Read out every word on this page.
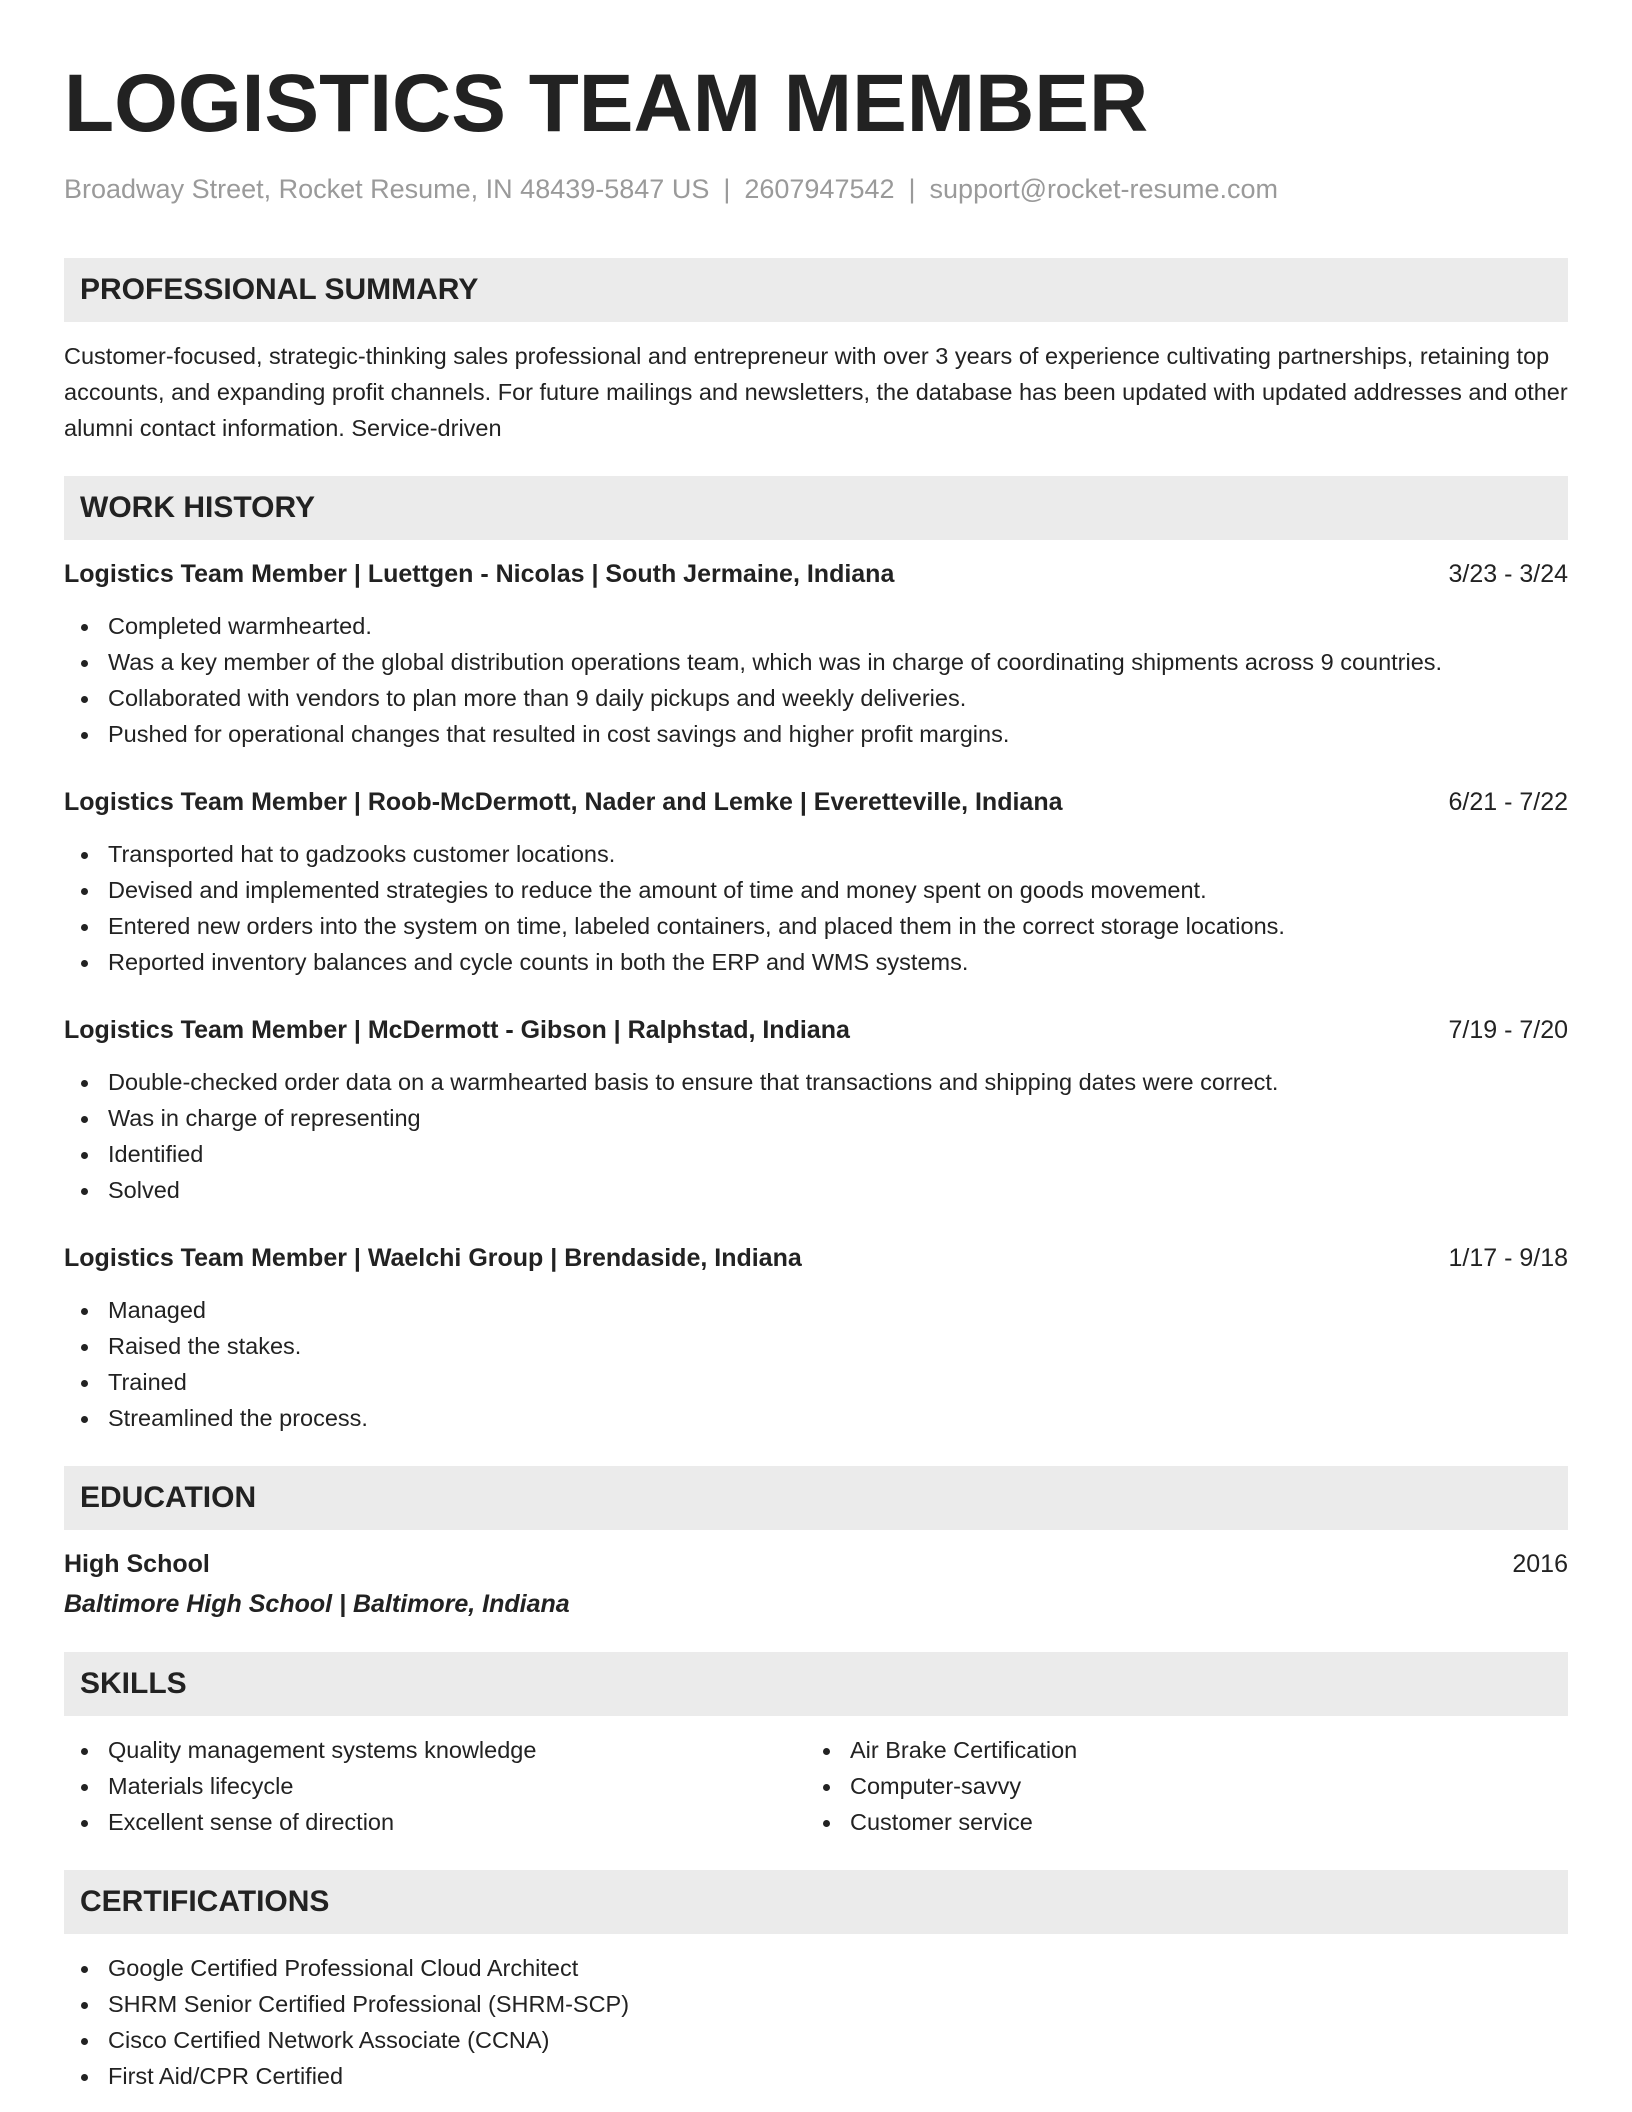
LOGISTICS TEAM MEMBER
Broadway Street, Rocket Resume, IN 48439-5847 US | 2607947542 | support@rocket-resume.com
PROFESSIONAL SUMMARY
Customer-focused, strategic-thinking sales professional and entrepreneur with over 3 years of experience cultivating partnerships, retaining top accounts, and expanding profit channels. For future mailings and newsletters, the database has been updated with updated addresses and other alumni contact information. Service-driven
WORK HISTORY
Logistics Team Member | Luettgen - Nicolas | South Jermaine, Indiana	3/23 - 3/24
Completed warmhearted.
Was a key member of the global distribution operations team, which was in charge of coordinating shipments across 9 countries.
Collaborated with vendors to plan more than 9 daily pickups and weekly deliveries.
Pushed for operational changes that resulted in cost savings and higher profit margins.
Logistics Team Member | Roob-McDermott, Nader and Lemke | Everetteville, Indiana	6/21 - 7/22
Transported hat to gadzooks customer locations.
Devised and implemented strategies to reduce the amount of time and money spent on goods movement.
Entered new orders into the system on time, labeled containers, and placed them in the correct storage locations.
Reported inventory balances and cycle counts in both the ERP and WMS systems.
Logistics Team Member | McDermott - Gibson | Ralphstad, Indiana	7/19 - 7/20
Double-checked order data on a warmhearted basis to ensure that transactions and shipping dates were correct.
Was in charge of representing
Identified
Solved
Logistics Team Member | Waelchi Group | Brendaside, Indiana	1/17 - 9/18
Managed
Raised the stakes.
Trained
Streamlined the process.
EDUCATION
High School	2016
Baltimore High School | Baltimore, Indiana
SKILLS
Quality management systems knowledge
Materials lifecycle
Excellent sense of direction
Air Brake Certification
Computer-savvy
Customer service
CERTIFICATIONS
Google Certified Professional Cloud Architect
SHRM Senior Certified Professional (SHRM-SCP)
Cisco Certified Network Associate (CCNA)
First Aid/CPR Certified
